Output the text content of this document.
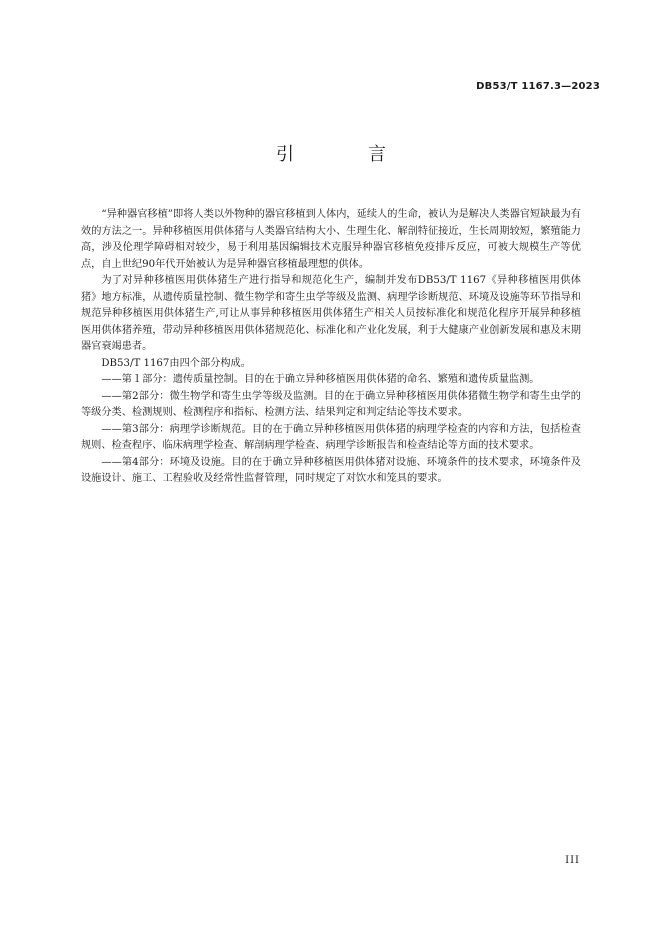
DB53/T 1167.3—2023
引　言

“异种器官移植”即将人类以外物种的器官移植到人体内，延续人的生命，被认为是解决人类器官短缺最为有效的方法之一。异种移植医用供体猪与人类器官结构大小、生理生化、解剖特征接近，生长周期较短，繁殖能力高，涉及伦理学障碍相对较少，易于利用基因编辑技术克服异种器官移植免疫排斥反应，可被大规模生产等优点，自上世纪90年代开始被认为是异种器官移植最理想的供体。

为了对异种移植医用供体猪生产进行指导和规范化生产，编制并发布DB53/T 1167《异种移植医用供体猪》地方标准，从遗传质量控制、微生物学和寄生虫学等级及监测、病理学诊断规范、环境及设施等环节指导和规范异种移植医用供体猪生产,可让从事异种移植医用供体猪生产相关人员按标准化和规范化程序开展异种移植医用供体猪养殖，带动异种移植医用供体猪规范化、标准化和产业化发展，利于大健康产业创新发展和惠及末期器官衰竭患者。

DB53/T 1167由四个部分构成。

——第１部分：遗传质量控制。目的在于确立异种移植医用供体猪的命名、繁殖和遗传质量监测。

——第2部分：微生物学和寄生虫学等级及监测。目的在于确立异种移植医用供体猪微生物学和寄生虫学的等级分类、检测规则、检测程序和指标、检测方法、结果判定和判定结论等技术要求。

——第3部分：病理学诊断规范。目的在于确立异种移植医用供体猪的病理学检查的内容和方法，包括检查规则、检查程序、临床病理学检查、解剖病理学检查、病理学诊断报告和检查结论等方面的技术要求。

——第4部分：环境及设施。目的在于确立异种移植医用供体猪对设施、环境条件的技术要求，环境条件及设施设计、施工、工程验收及经常性监督管理，同时规定了对饮水和笼具的要求。

III
